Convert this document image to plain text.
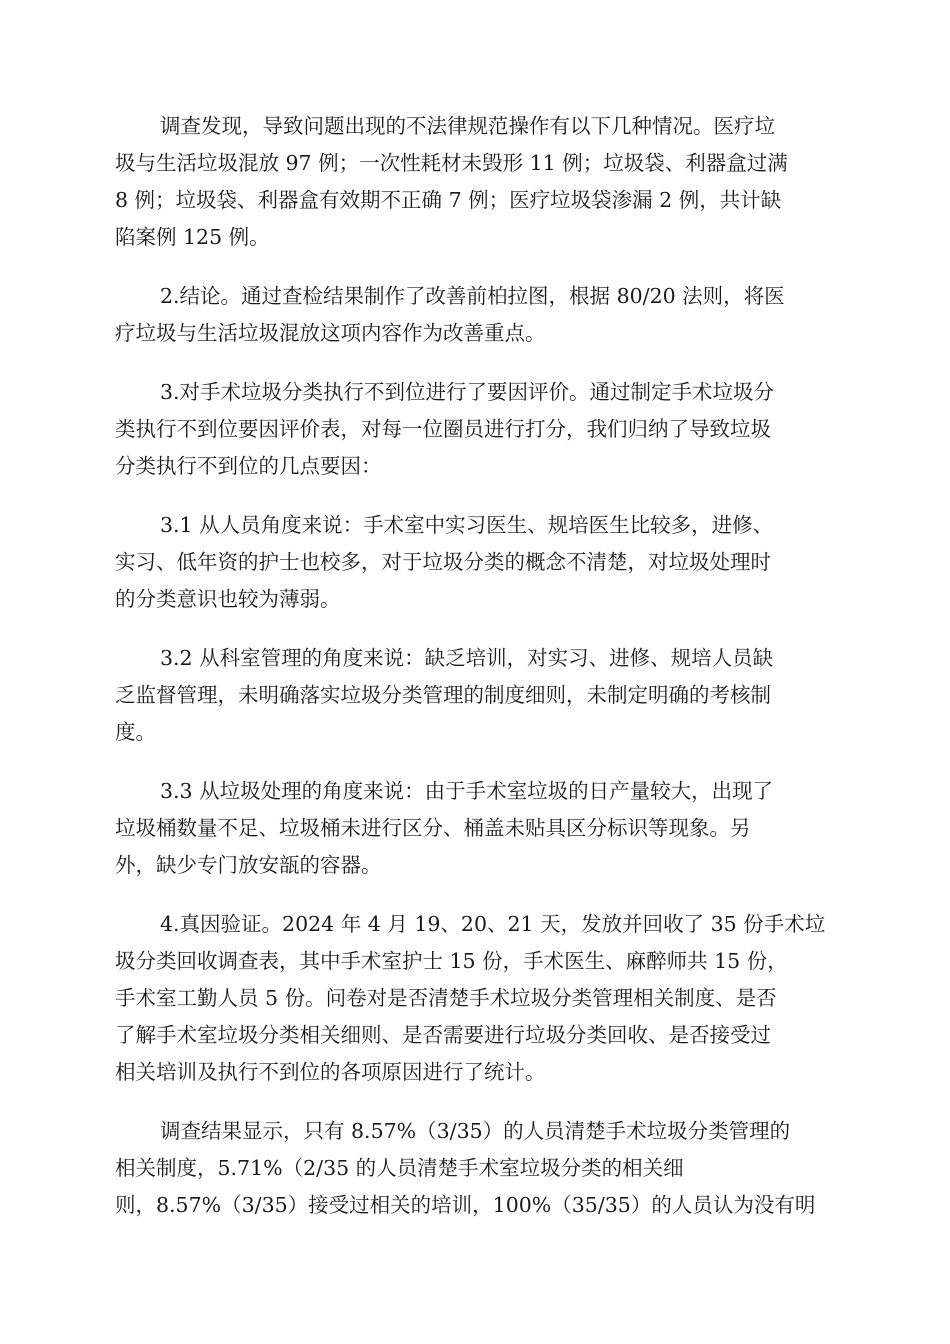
调查发现，导致问题出现的不法律规范操作有以下几种情况。医疗垃
圾与生活垃圾混放 97 例；一次性耗材未毁形 11 例；垃圾袋、利器盒过满
8 例；垃圾袋、利器盒有效期不正确 7 例；医疗垃圾袋渗漏 2 例，共计缺
陷案例 125 例。

2.结论。通过查检结果制作了改善前柏拉图，根据 80/20 法则，将医
疗垃圾与生活垃圾混放这项内容作为改善重点。

3.对手术垃圾分类执行不到位进行了要因评价。通过制定手术垃圾分
类执行不到位要因评价表，对每一位圈员进行打分，我们归纳了导致垃圾
分类执行不到位的几点要因：

3.1 从人员角度来说：手术室中实习医生、规培医生比较多，进修、
实习、低年资的护士也校多，对于垃圾分类的概念不清楚，对垃圾处理时
的分类意识也较为薄弱。

3.2 从科室管理的角度来说：缺乏培训，对实习、进修、规培人员缺
乏监督管理，未明确落实垃圾分类管理的制度细则，未制定明确的考核制
度。

3.3 从垃圾处理的角度来说：由于手术室垃圾的日产量较大，出现了
垃圾桶数量不足、垃圾桶未进行区分、桶盖未贴具区分标识等现象。另
外，缺少专门放安瓿的容器。

4.真因验证。2024 年 4 月 19、20、21 天，发放并回收了 35 份手术垃
圾分类回收调查表，其中手术室护士 15 份，手术医生、麻醉师共 15 份，
手术室工勤人员 5 份。问卷对是否清楚手术垃圾分类管理相关制度、是否
了解手术室垃圾分类相关细则、是否需要进行垃圾分类回收、是否接受过
相关培训及执行不到位的各项原因进行了统计。

调查结果显示，只有 8.57%（3/35）的人员清楚手术垃圾分类管理的
相关制度，5.71%（2/35 的人员清楚手术室垃圾分类的相关细
则，8.57%（3/35）接受过相关的培训，100%（35/35）的人员认为没有明
